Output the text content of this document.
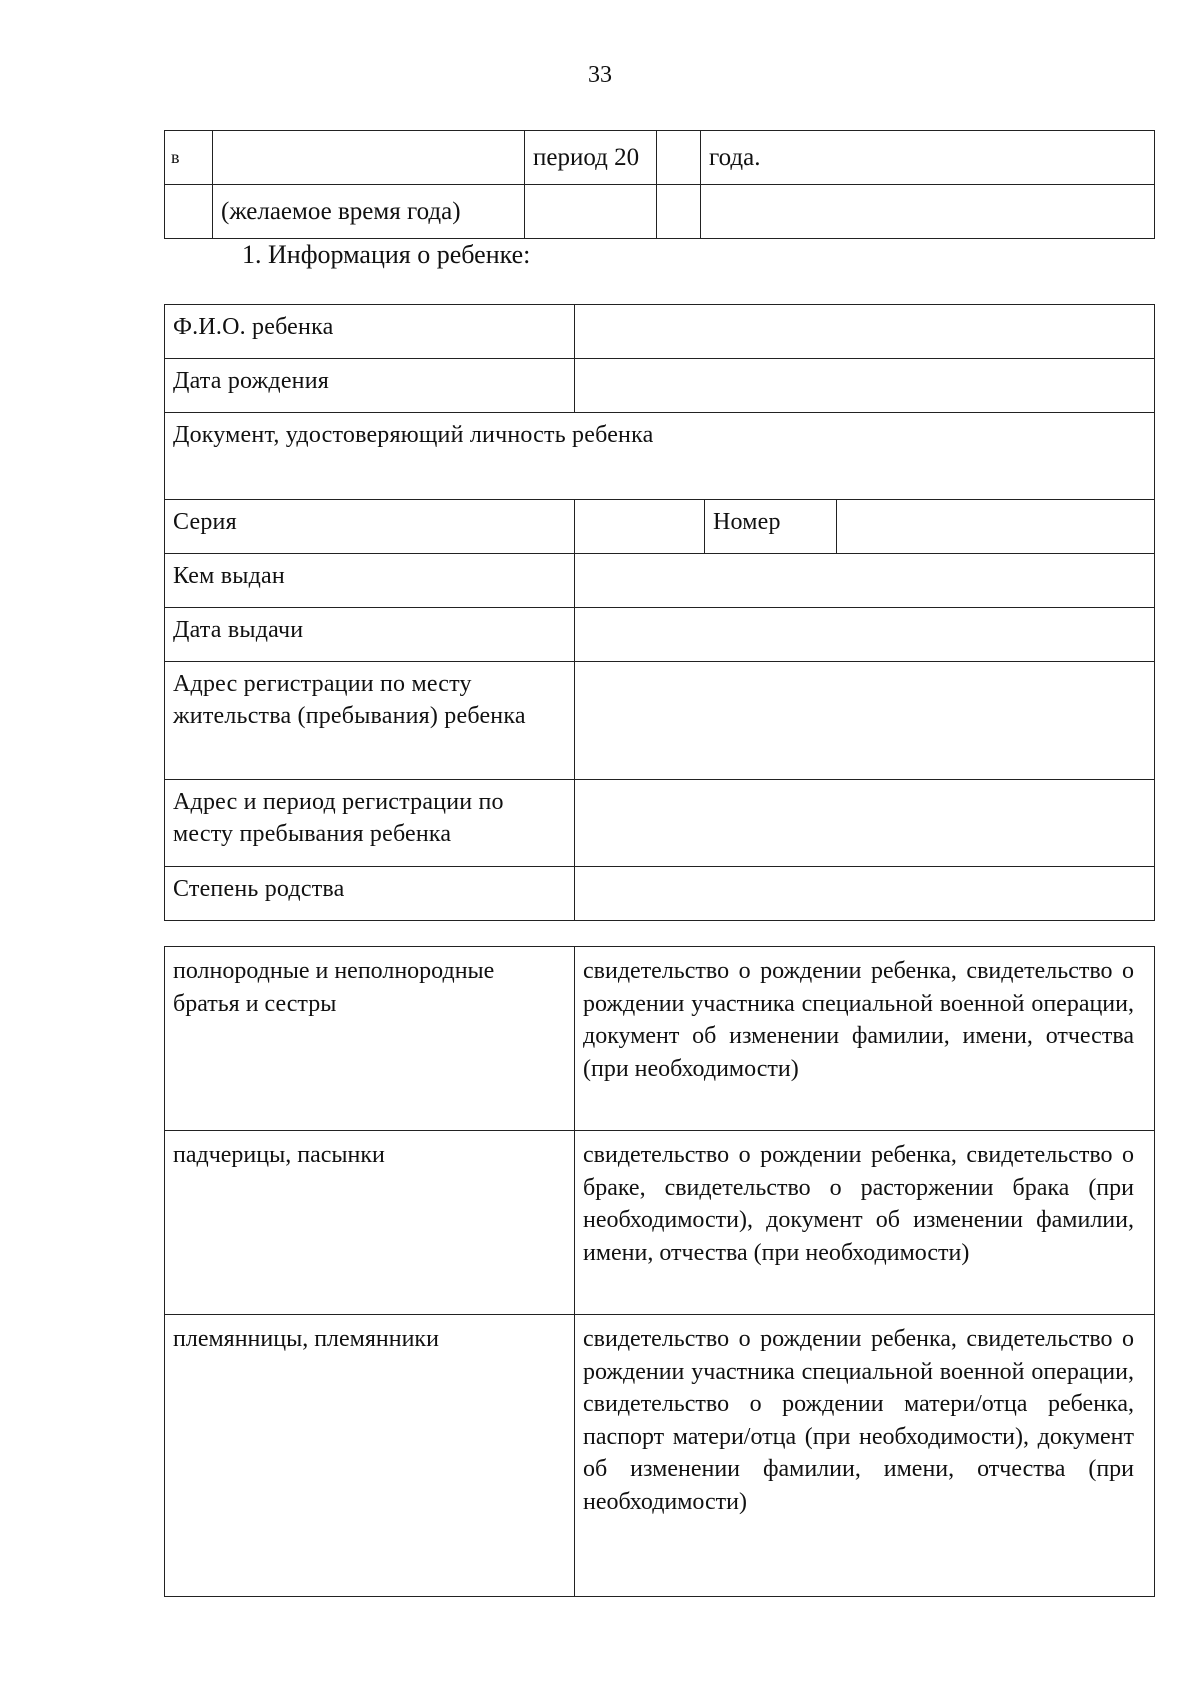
33
в		период 20		года.
	(желаемое время года)			
1. Информация о ребенке:
Ф.И.О. ребенка			
Дата рождения			
Документ, удостоверяющий личность ребенка			
Серия		Номер	
Кем выдан			
Дата выдачи			
Адрес регистрации по месту жительства (пребывания) ребенка			
Адрес и период регистрации по месту пребывания ребенка			
Степень родства			
полнородные и неполнородные братья и сестры	свидетельство о рождении ребенка, свидетельство о рождении участника специальной военной операции, документ об изменении фамилии, имени, отчества (при необходимости)
падчерицы, пасынки	свидетельство о рождении ребенка, свидетельство о браке, свидетельство о расторжении брака (при необходимости), документ об изменении фамилии, имени, отчества (при необходимости)
племянницы, племянники	свидетельство о рождении ребенка, свидетельство о рождении участника специальной военной операции, свидетельство о рождении матери/отца ребенка, паспорт матери/отца (при необходимости), документ об изменении фамилии, имени, отчества (при необходимости)
